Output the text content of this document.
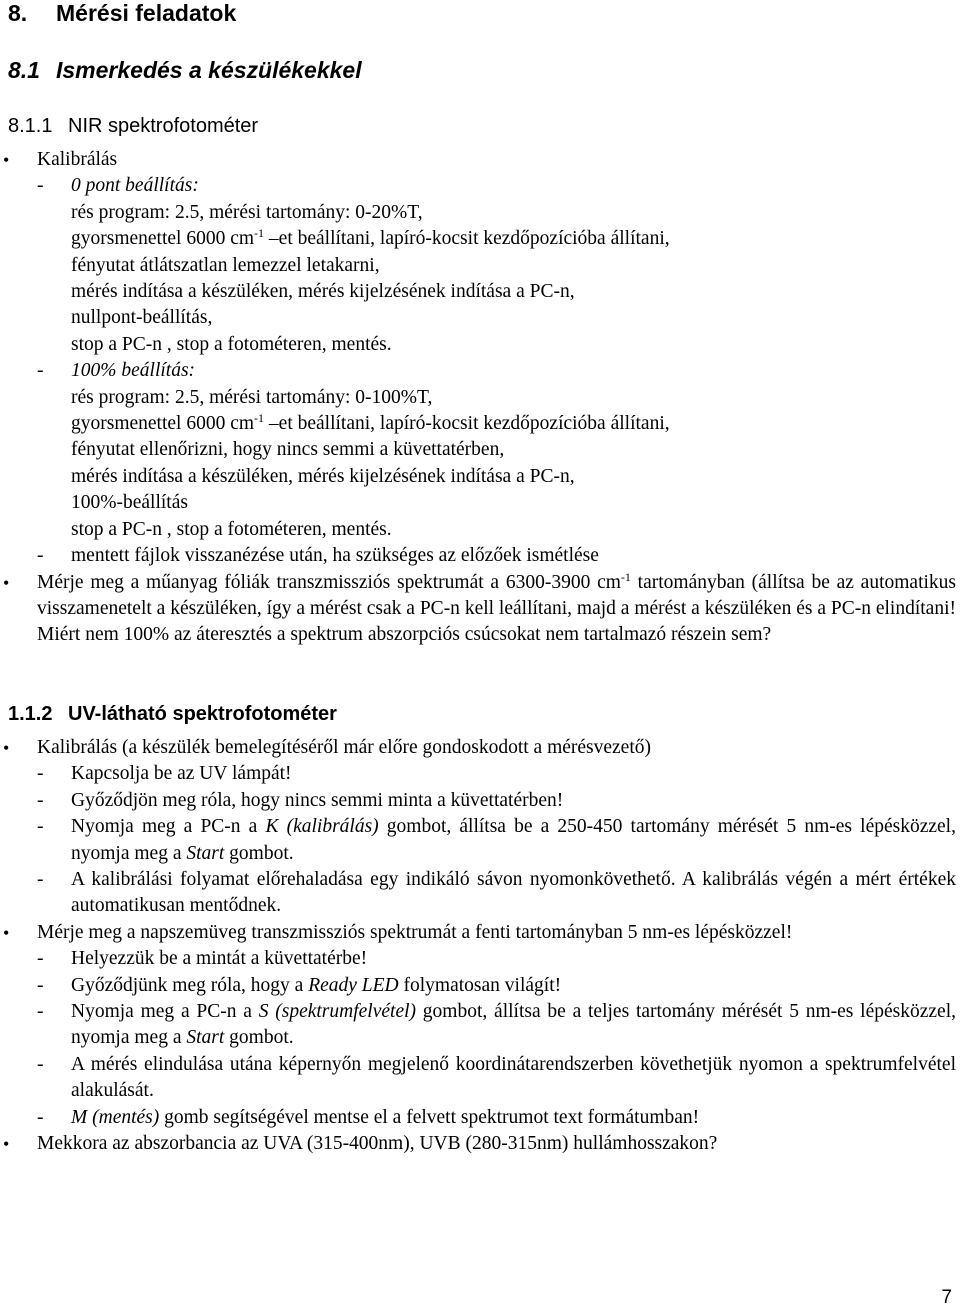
8. Mérési feladatok
8.1 Ismerkedés a készülékekkel
8.1.1 NIR spektrofotométer
• Kalibrálás
- 0 pont beállítás:
rés program: 2.5, mérési tartomány: 0-20%T,
gyorsmenettel 6000 $cm^{-1}$ –et beállítani, lapíró-kocsit kezdőpozícióba állítani,
fényutat átlátszatlan lemezzel letakarni,
mérés indítása a készüléken, mérés kijelzésének indítása a PC-n,
nullpont-beállítás,
stop a PC-n , stop a fotométeren, mentés.
- 100% beállítás:
rés program: 2.5, mérési tartomány: 0-100%T,
gyorsmenettel 6000 $cm^{-1}$ –et beállítani, lapíró-kocsit kezdőpozícióba állítani,
fényutat ellenőrizni, hogy nincs semmi a küvettatérben,
mérés indítása a készüléken, mérés kijelzésének indítása a PC-n,
100%-beállítás
stop a PC-n , stop a fotométeren, mentés.
- mentett fájlok visszanézése után, ha szükséges az előzőek ismétlése
• Mérje meg a műanyag fóliák transzmissziós spektrumát a 6300-3900 $cm^{-1}$ tartományban (állítsa be az automatikus visszamenetelt a készüléken, így a mérést csak a PC-n kell leállítani, majd a mérést a készüléken és a PC-n elindítani! Miért nem 100% az áteresztés a spektrum abszorpciós csúcsokat nem tartalmazó részein sem?
1.1.2 UV-látható spektrofotométer
• Kalibrálás (a készülék bemelegítéséről már előre gondoskodott a mérésvezető)
- Kapcsolja be az UV lámpát!
- Győződjön meg róla, hogy nincs semmi minta a küvettatérben!
- Nyomja meg a PC-n a K (kalibrálás) gombot, állítsa be a 250-450 tartomány mérését 5 nm-es lépésközzel, nyomja meg a Start gombot.
- A kalibrálási folyamat előrehaladása egy indikáló sávon nyomonkövethető. A kalibrálás végén a mért értékek automatikusan mentődnek.
• Mérje meg a napszemüveg transzmissziós spektrumát a fenti tartományban 5 nm-es lépésközzel!
- Helyezzük be a mintát a küvettatérbe!
- Győződjünk meg róla, hogy a Ready LED folymatosan világít!
- Nyomja meg a PC-n a S (spektrumfelvétel) gombot, állítsa be a teljes tartomány mérését 5 nm-es lépésközzel, nyomja meg a Start gombot.
- A mérés elindulása utána képernyőn megjelenő koordinátarendszerben követhetjük nyomon a spektrumfelvétel alakulását.
- M (mentés) gomb segítségével mentse el a felvett spektrumot text formátumban!
• Mekkora az abszorbancia az UVA (315-400nm), UVB (280-315nm) hullámhosszakon?
7
